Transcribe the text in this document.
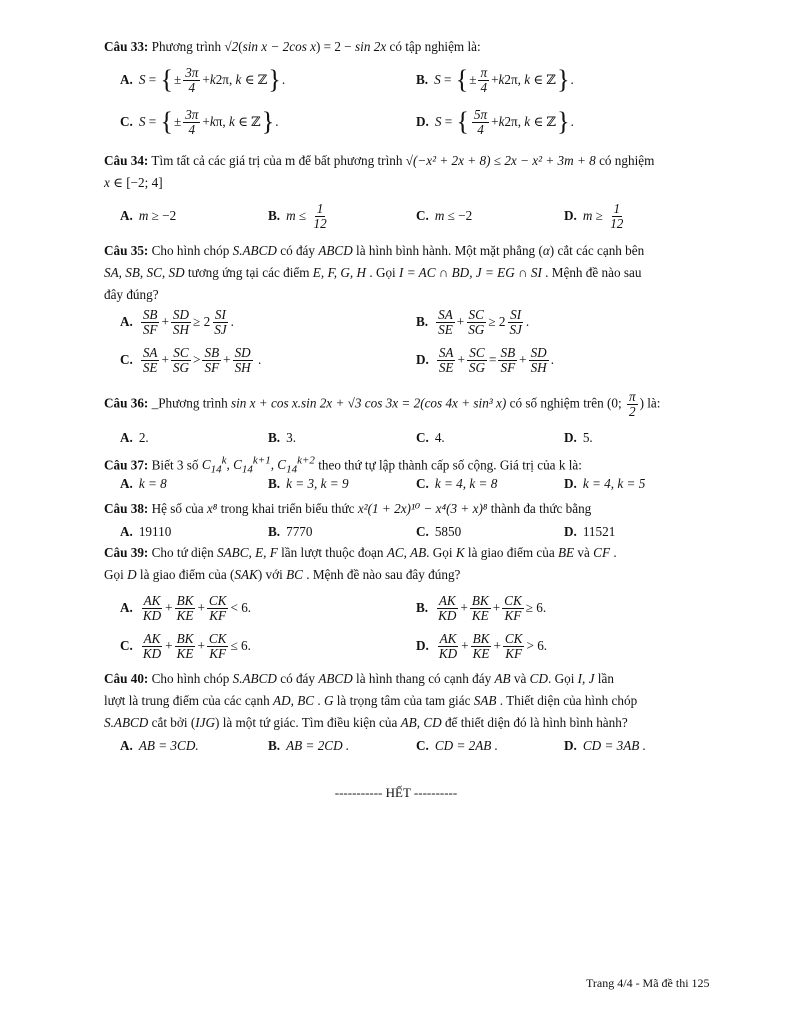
Câu 33: Phương trình √2(sin x − 2cos x) = 2 − sin 2x có tập nghiệm là:
A. S = { ± $\frac{3\pi}{4} + k$ 2π, k ∈ ℤ } .	B. S = { ± $\frac{\pi}{4} + k$ 2π, k ∈ ℤ } .
C. S = { ± $\frac{3\pi}{4} + k$ π, k ∈ ℤ } .	D. S = { $\frac{5\pi}{4} + k$ 2π, k ∈ ℤ } .
Câu 34: Tìm tất cả các giá trị của m để bất phương trình √(−x² + 2x + 8) ≤ 2x − x² + 3m + 8 có nghiệm
x ∈ [−2; 4]
A. m ≥ −2	B. $m \le \frac{1}{12}$	C. m ≤ −2	D. $m \ge \frac{1}{12}$
Câu 35: Cho hình chóp S.ABCD có đáy ABCD là hình bình hành. Một mặt phẳng (α) cắt các cạnh bên
SA, SB, SC, SD tương ứng tại các điểm E, F, G, H . Gọi I = AC ∩ BD, J = EG ∩ SI . Mệnh đề nào sau
đây đúng?
A. $\frac{SB}{SF} + \frac{SD}{SH} \ge 2 \frac{SI}{SJ}$ .	B. $\frac{SA}{SE} + \frac{SC}{SG} \ge 2 \frac{SI}{SJ}$ .
C. $\frac{SA}{SE} + \frac{SC}{SG} > \frac{SB}{SF} + \frac{SD}{SH}$ .	D. $\frac{SA}{SE} + \frac{SC}{SG} = \frac{SB}{SF} + \frac{SD}{SH}$ .
Câu 36: _Phương trình sin x + cos x.sin 2x + √3 cos 3x = 2(cos 4x + sin³ x) có số nghiệm trên (0; $\frac{\pi}{2}$ ) là:
A. 2.	B. 3.	C. 4.	D. 5.
Câu 37: Biết 3 số $C_{14}^k$, $C_{14}^{k+1}$, $C_{14}^{k+2}$ theo thứ tự lập thành cấp số cộng. Giá trị của k là:
A. k = 8	B. k = 3, k = 9	C. k = 4, k = 8	D. k = 4, k = 5
Câu 38: Hệ số của x⁸ trong khai triển biểu thức x²(1 + 2x)¹⁰ − x⁴(3 + x)⁸ thành đa thức bằng
A. 19110	B. 7770	C. 5850	D. 11521
Câu 39: Cho tứ diện SABC, E, F lần lượt thuộc đoạn AC, AB. Gọi K là giao điểm của BE và CF .
Gọi D là giao điểm của (SAK) với BC . Mệnh đề nào sau đây đúng?
A. $\frac{AK}{KD} + \frac{BK}{KE} + \frac{CK}{KF} < 6$.	B. $\frac{AK}{KD} + \frac{BK}{KE} + \frac{CK}{KF} \ge 6$.
C. $\frac{AK}{KD} + \frac{BK}{KE} + \frac{CK}{KF} \le 6$.	D. $\frac{AK}{KD} + \frac{BK}{KE} + \frac{CK}{KF} > 6$.
Câu 40: Cho hình chóp S.ABCD có đáy ABCD là hình thang có cạnh đáy AB và CD. Gọi I, J lần
lượt là trung điểm của các cạnh AD, BC . G là trọng tâm của tam giác SAB . Thiết diện của hình chóp
S.ABCD cắt bởi (IJG) là một tứ giác. Tìm điều kiện của AB, CD để thiết diện đó là hình bình hành?
A. AB = 3CD.	B. AB = 2CD .	C. CD = 2AB .	D. CD = 3AB .
----------- HẾT ----------
Trang 4/4 - Mã đề thi 125
